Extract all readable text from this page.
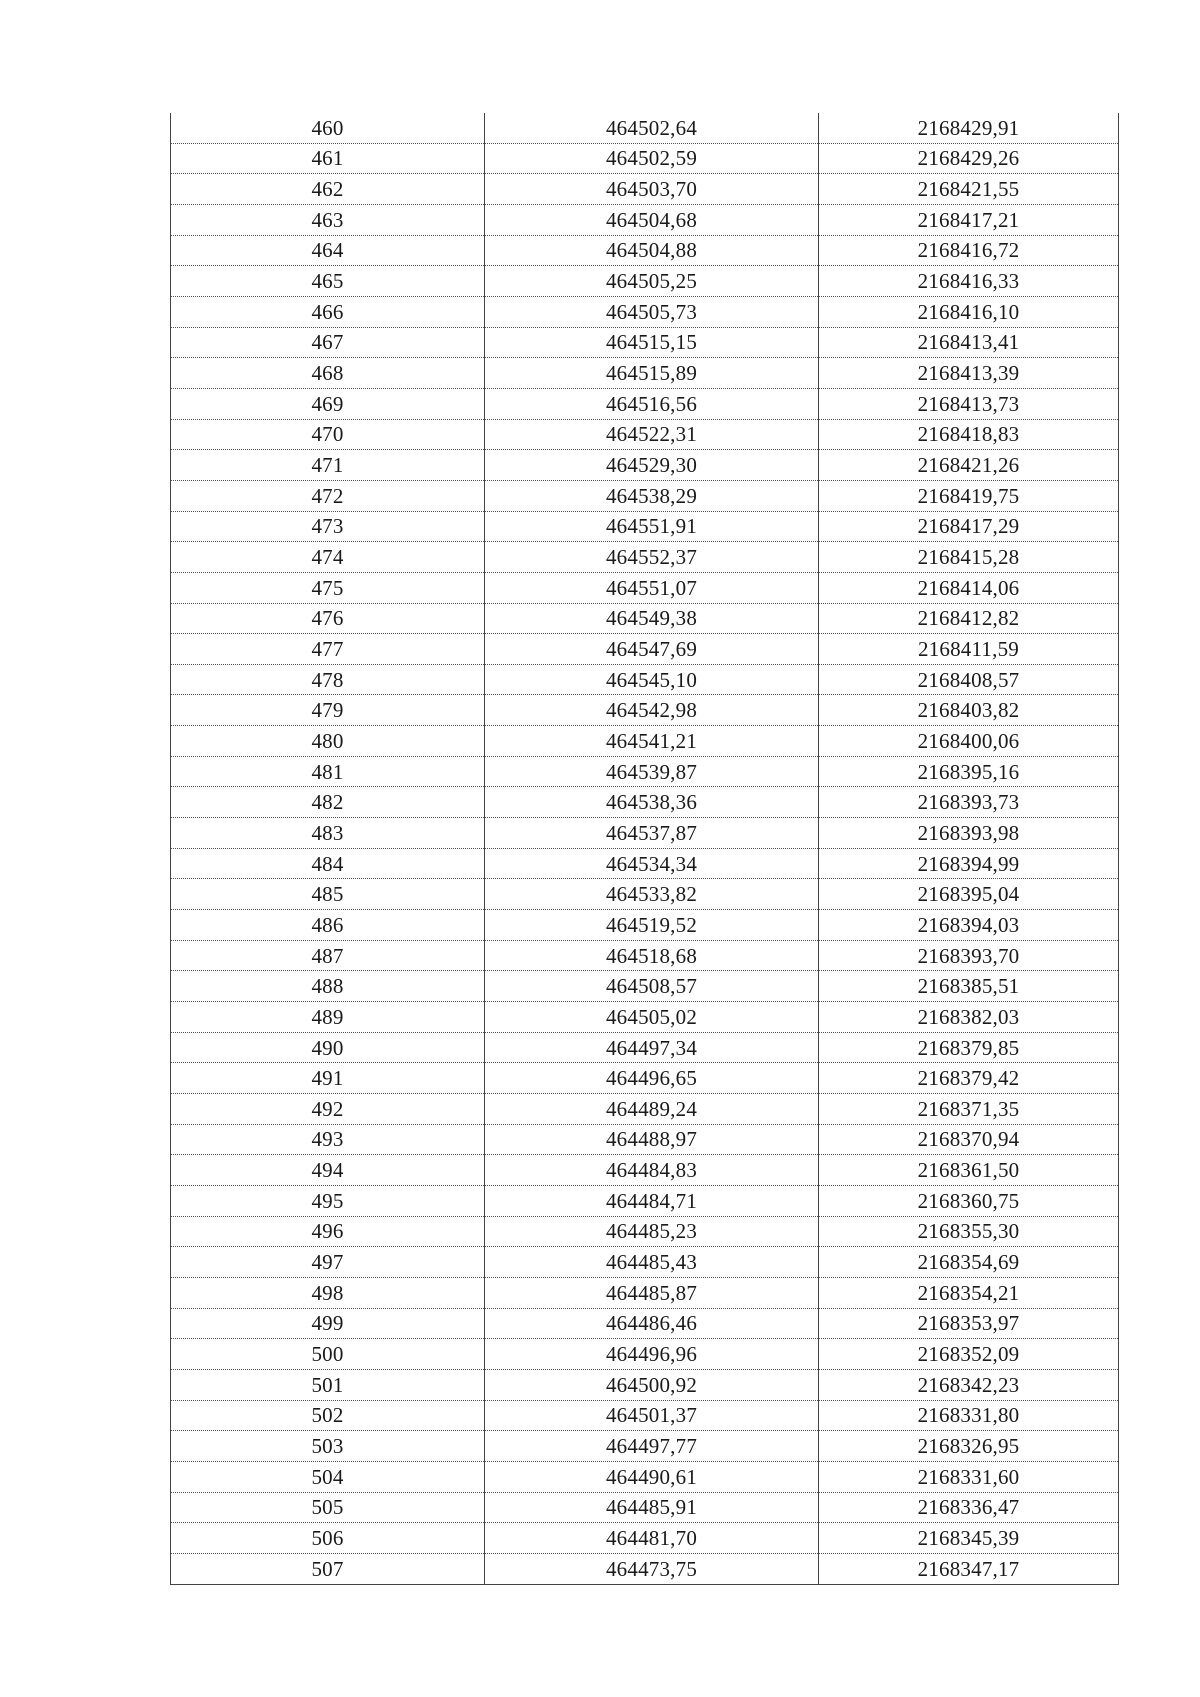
460	464502,64	2168429,91
461	464502,59	2168429,26
462	464503,70	2168421,55
463	464504,68	2168417,21
464	464504,88	2168416,72
465	464505,25	2168416,33
466	464505,73	2168416,10
467	464515,15	2168413,41
468	464515,89	2168413,39
469	464516,56	2168413,73
470	464522,31	2168418,83
471	464529,30	2168421,26
472	464538,29	2168419,75
473	464551,91	2168417,29
474	464552,37	2168415,28
475	464551,07	2168414,06
476	464549,38	2168412,82
477	464547,69	2168411,59
478	464545,10	2168408,57
479	464542,98	2168403,82
480	464541,21	2168400,06
481	464539,87	2168395,16
482	464538,36	2168393,73
483	464537,87	2168393,98
484	464534,34	2168394,99
485	464533,82	2168395,04
486	464519,52	2168394,03
487	464518,68	2168393,70
488	464508,57	2168385,51
489	464505,02	2168382,03
490	464497,34	2168379,85
491	464496,65	2168379,42
492	464489,24	2168371,35
493	464488,97	2168370,94
494	464484,83	2168361,50
495	464484,71	2168360,75
496	464485,23	2168355,30
497	464485,43	2168354,69
498	464485,87	2168354,21
499	464486,46	2168353,97
500	464496,96	2168352,09
501	464500,92	2168342,23
502	464501,37	2168331,80
503	464497,77	2168326,95
504	464490,61	2168331,60
505	464485,91	2168336,47
506	464481,70	2168345,39
507	464473,75	2168347,17
